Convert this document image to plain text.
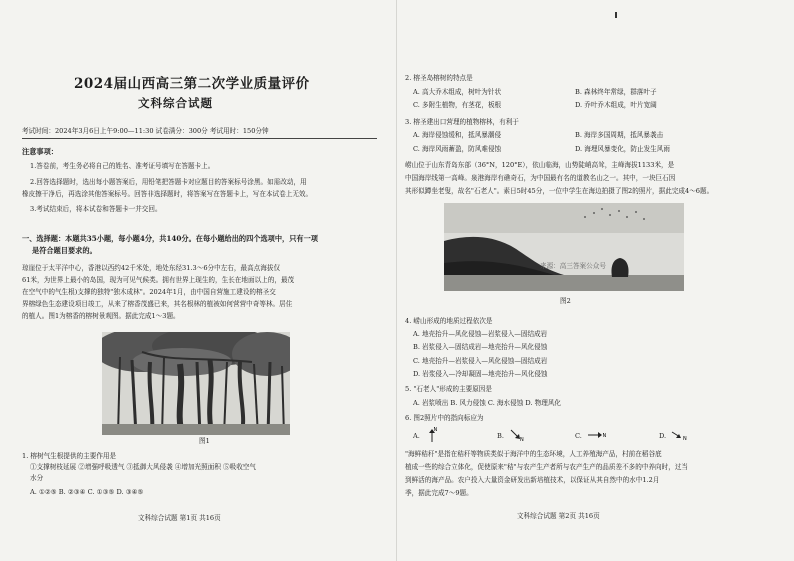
2024届山西高三第二次学业质量评价
文科综合试题
考试时间：2024年3月6日上午9:00—11:30 试卷满分：300分 考试用时：150分钟
注意事项：
1.答卷前，考生务必将自己的姓名、准考证号填写在答题卡上。
2.回答选择题时，选出每小题答案后，用铅笔把答题卡对应题目的答案标号涂黑。如需改动，用
橡皮擦干净后，再选涂其他答案标号。回答非选择题时，将答案写在答题卡上，写在本试卷上无效。
3.考试结束后，将本试卷和答题卡一并交回。
一、选择题：本题共35小题，每小题4分，共140分。在每小题给出的四个选项中，只有一项
是符合题目要求的。
琼崖位于太平洋中心，香港以西约42千米处，地处东经31.3～6分中左右，最高点海拔仅
61米，为世界上最小的岛国，现为可见气候类。拥有世界上现生的，生长在地面以上的，最茂
在空气中的气生根)支撑的独特"独木成林"。2024年1月，由中国自营施工建设的榕圣交
界榕绿色生态建设项目竣工，从来了榕香茂盛已来，其名根林的植被如何营营中奇等林。居住
的植人。图1为榕香的榕树景观图。据此完成1～3题。
图1
1. 榕树气生根提供的主要作用是
①支撑树枝延展 ②增强呼吸透气 ③抵御大风侵袭 ④增加光照面积 ⑤吸收空气
水分
A. ①②⑤ B. ②③④ C. ①③⑤ D. ③④⑤
文科综合试题 第1页 共16页
2. 榕圣岛榕树的特点是
A. 高大乔木组成，树叶为针状	B. 森林终年常绿，群落叶子
C. 多附生植物，有茎花，板根	D. 乔叶乔木组成，叶片宽阔
3. 榕圣建出口营理的植物榕林，有利于
A. 海岸侵蚀缓和，抵风暴潮侵	B. 海岸多国周期，抵风暴袭击
C. 海岸风雨蓄盈，防风难侵蚀	D. 海埋风暴变化，防止发生风雨
崂山位于山东青岛东部（36°N，120°E），依山临海，山势陡峭高耸，主峰海拔1133米，是
中国海岸线第一高峰。泉港海岸有礁奇石，为中国最有名的道教名山之一。其中，一块巨石因
其形似蹲坐老叟，故名"石老人"。素日5时45分，一位中学生在海边拍摄了图2的照片，据此完成4～6题。
来源：高三答案公众号
图2
4. 崂山形成的地质过程依次是
A. 地壳抬升—风化侵蚀—岩浆侵入—固结成岩
B. 岩浆侵入—固结成岩—地壳抬升—风化侵蚀
C. 地壳抬升—岩浆侵入—风化侵蚀—固结成岩
D. 岩浆侵入—冷却凝固—地壳抬升—风化侵蚀
5. "石老人"形成的主要原因是
A. 岩浆喷出 B. 风力侵蚀 C. 海水侵蚀 D. 物理风化
6. 图2照片中的指向标应为
A.
N
B.	N	C.	N	D.	N
"海鲜秸秆"是指在秸秆等物质类似于海洋中的生态环境，人工养殖海产品，村前在稻谷底
植成一些的综合立体化，促使原来"秸"与农产生产者所与农产生产的品质差不多的中养向时，过当
到鲜活的海产品。农户投入大量资金研发出新培植技术，以保证从其自然中的水中1.2月
季，据此完成7～9题。
文科综合试题 第2页 共16页
